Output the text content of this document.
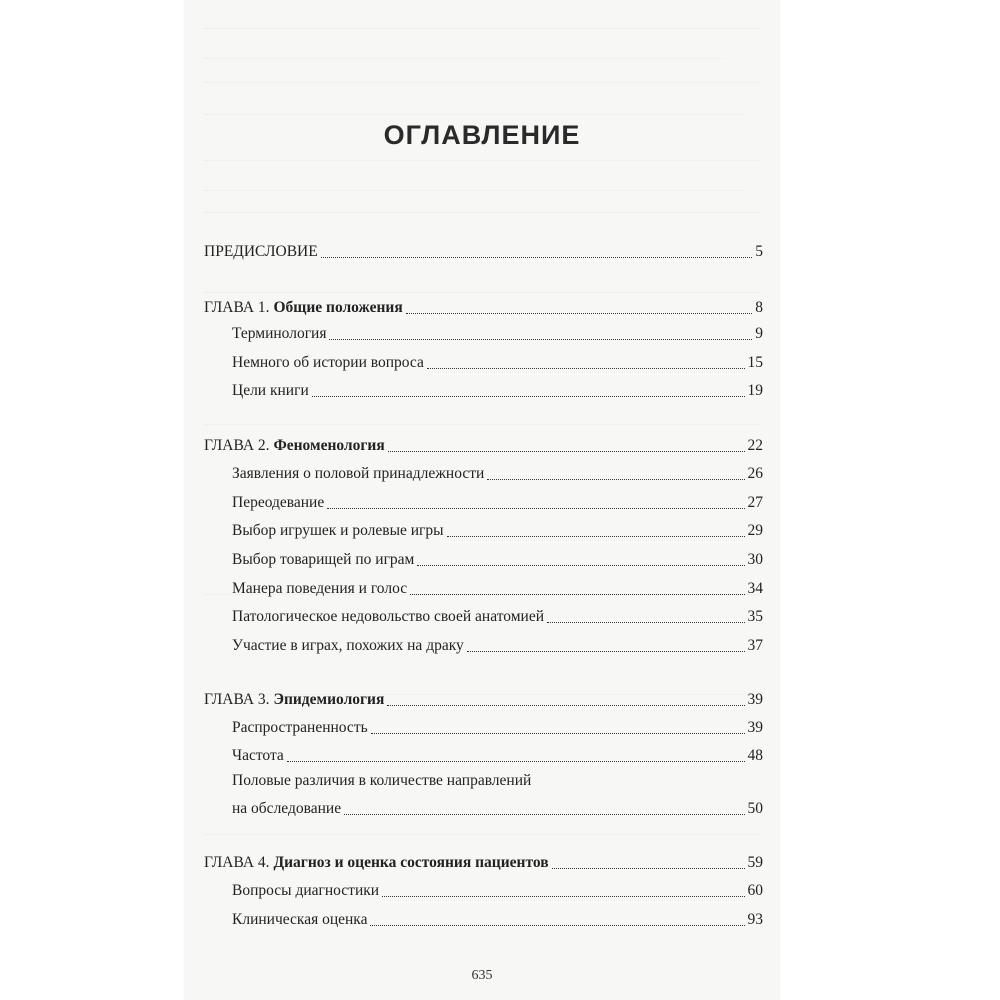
ОГЛАВЛЕНИЕ
ПРЕДИСЛОВИЕ	5
ГЛАВА 1. Общие положения	8
Терминология	9
Немного об истории вопроса	15
Цели книги	19
ГЛАВА 2. Феноменология	22
Заявления о половой принадлежности	26
Переодевание	27
Выбор игрушек и ролевые игры	29
Выбор товарищей по играм	30
Манера поведения и голос	34
Патологическое недовольство своей анатомией	35
Участие в играх, похожих на драку	37
ГЛАВА 3. Эпидемиология	39
Распространенность	39
Частота	48
Половые различия в количестве направлений
на обследование	50
ГЛАВА 4. Диагноз и оценка состояния пациентов	59
Вопросы диагностики	60
Клиническая оценка	93
635
